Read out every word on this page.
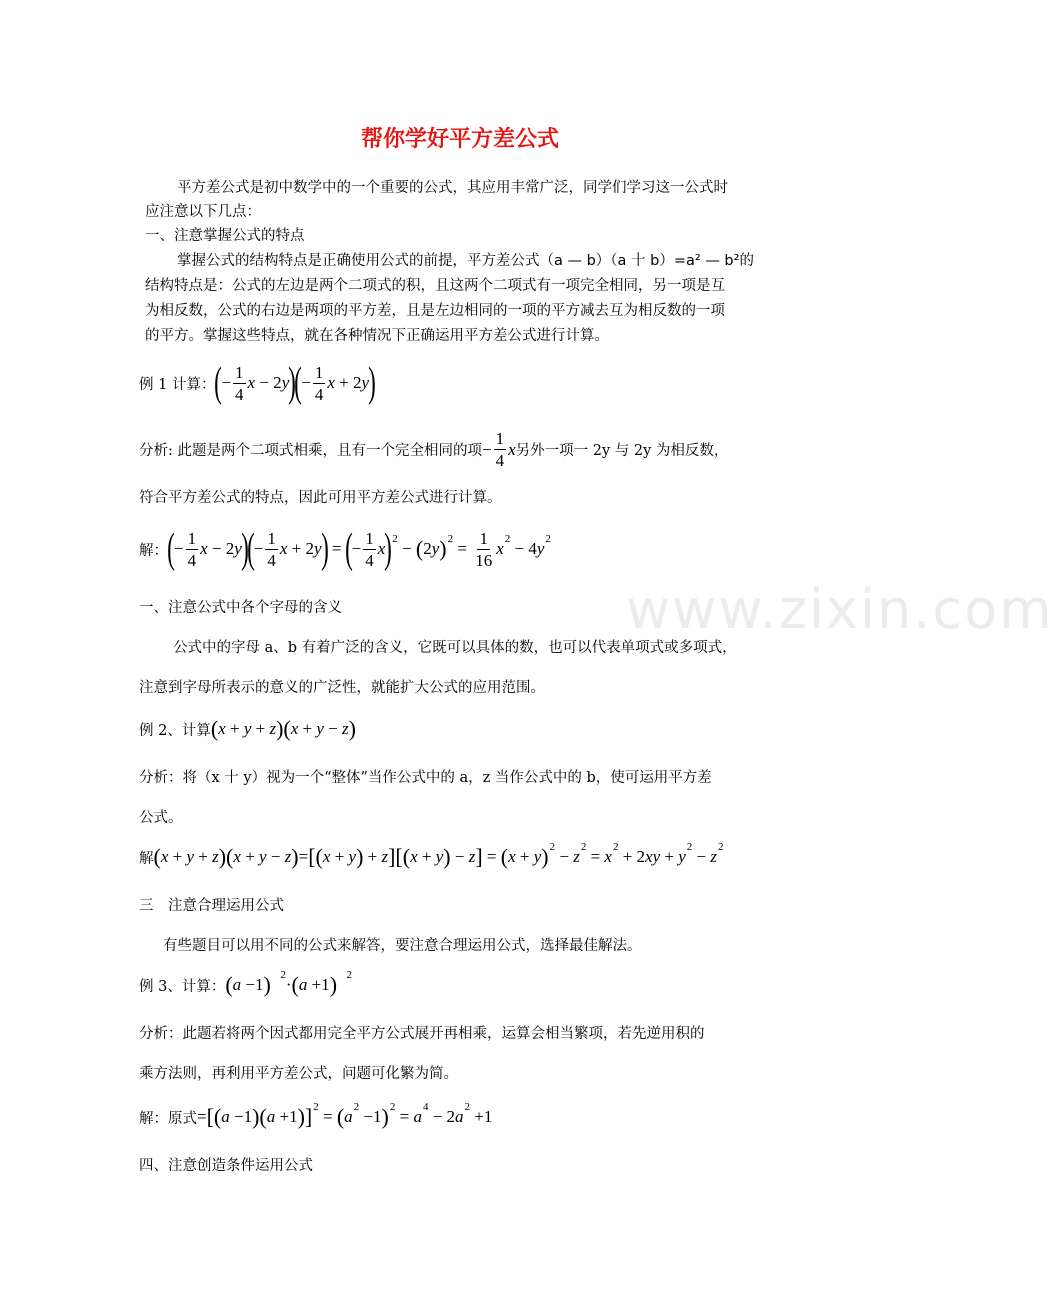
www.zixin.com
帮你学好平方差公式
平方差公式是初中数学中的一个重要的公式，其应用丰常广泛，同学们学习这一公式时
应注意以下几点：
一、注意掌握公式的特点
掌握公式的结构特点是正确使用公式的前提，平方差公式（a — b）（a 十 b）=a² — b²的
结构特点是：公式的左边是两个二项式的积，且这两个二项式有一项完全相同，另一项是互
为相反数，公式的右边是两项的平方差，且是左边相同的一项的平方减去互为相反数的一项
的平方。掌握这些特点，就在各种情况下正确运用平方差公式进行计算。
例 1 计算： ( − $\frac{1}{4}$ x − 2 y )
( − $\frac{1}{4}$ x + 2 y )
分析: 此题是两个二项式相乘，且有一个完全相同的项 − $\frac{1}{4}$ x 另外一项一 2y 与 2y 为相反数，
符合平方差公式的特点，因此可用平方差公式进行计算。
解： ( − $\frac{1}{4}$ x − 2 y )
( − $\frac{1}{4}$ x + 2 y ) = ( − $\frac{1}{4}$ x ) 2 − ( 2 y ) $2 = \frac{1}{16}$ x 2 − 4 y 2
一、注意公式中各个字母的含义
公式中的字母 a、b 有着广泛的含义，它既可以具体的数，也可以代表单项式或多项式，
注意到字母所表示的意义的广泛性，就能扩大公式的应用范围。
例 2、计算 ( x + y + z )( x + y − z )
分析：将（x 十 y）视为一个“整体”当作公式中的 a，z 当作公式中的 b，使可运用平方差
公式。
解 ( x + y + z )( x + y − z ) = [( x + y ) + z ][( x + y ) − z ] = ( x + y ) 2 − z 2 = x 2 + 2 xy + y 2 − z 2
三　注意合理运用公式
有些题目可以用不同的公式来解答，要注意合理运用公式，选择最佳解法。
例 3、计算： ( a −1 )
2 · ( a +1 )
2
分析：此题若将两个因式都用完全平方公式展开再相乘，运算会相当繁项，若先逆用积的
乘方法则，再利用平方差公式，问题可化繁为简。
解：原式 = [( a −1 )( a +1 )] 2 = ( a 2 −1 ) 2 = a 4 − 2 a 2 +1
四、注意创造条件运用公式
